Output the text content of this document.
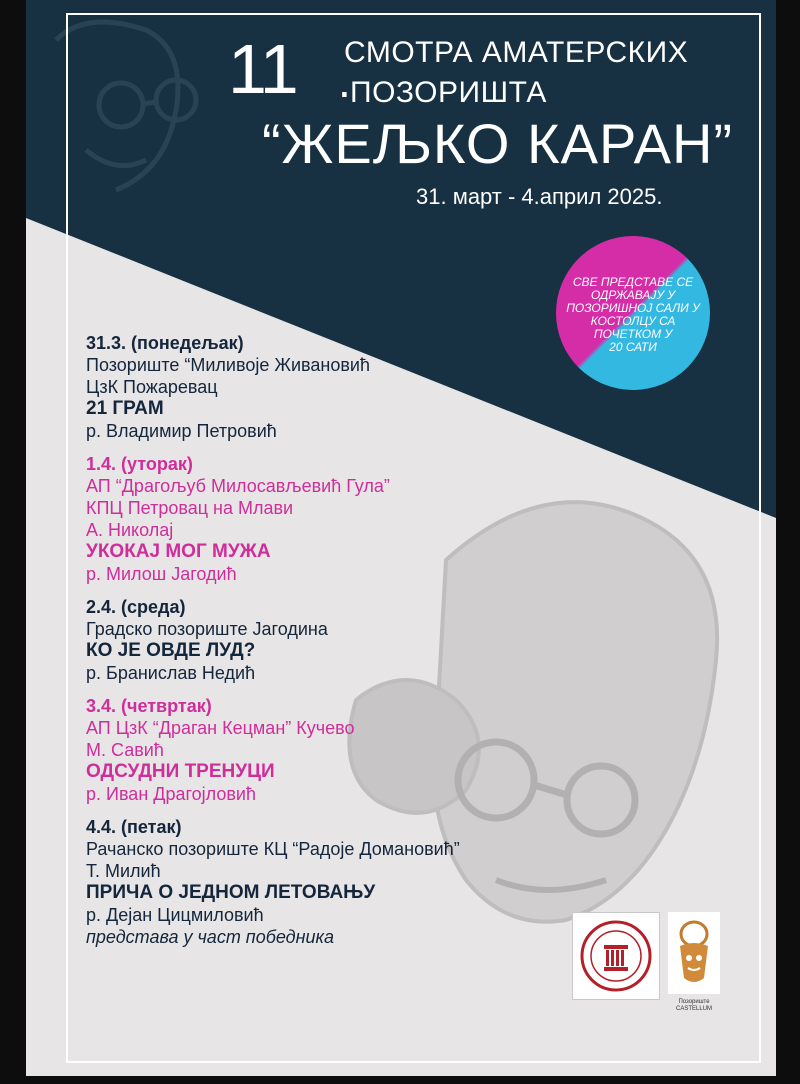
11 .
СМОТРА АМАТЕРСКИХ
ПОЗОРИШТА
“ЖЕЉКО КАРАН”
31. март - 4.април 2025.
СВЕ ПРЕДСТАВЕ СЕ
ОДРЖАВАЈУ У
ПОЗОРИШНОЈ САЛИ У
КОСТОЛЦУ СА
ПОЧЕТКОМ У
20 САТИ
31.3. (понедељак)
Позориште “Миливоје Живановић
ЦзК Пожаревац
21 ГРАМ
р. Владимир Петровић
1.4. (уторак)
АП “Драгољуб Милосављевић Гула”
КПЦ Петровац на Млави
А. Николај
УКОКАЈ МОГ МУЖА
р. Милош Јагодић
2.4. (среда)
Градско позориште Јагодина
КО ЈЕ ОВДЕ ЛУД?
р. Бранислав Недић
3.4. (четвртак)
АП ЦзК “Драган Кецман” Кучево
М. Савић
ОДСУДНИ ТРЕНУЦИ
р. Иван Драгојловић
4.4. (петак)
Рачанско позориште КЦ “Радоје Домановић”
Т. Милић
ПРИЧА О ЈЕДНОМ ЛЕТОВАЊУ
р. Дејан Цицмиловић
представа у част победника
Позориште
CASTELLUM
